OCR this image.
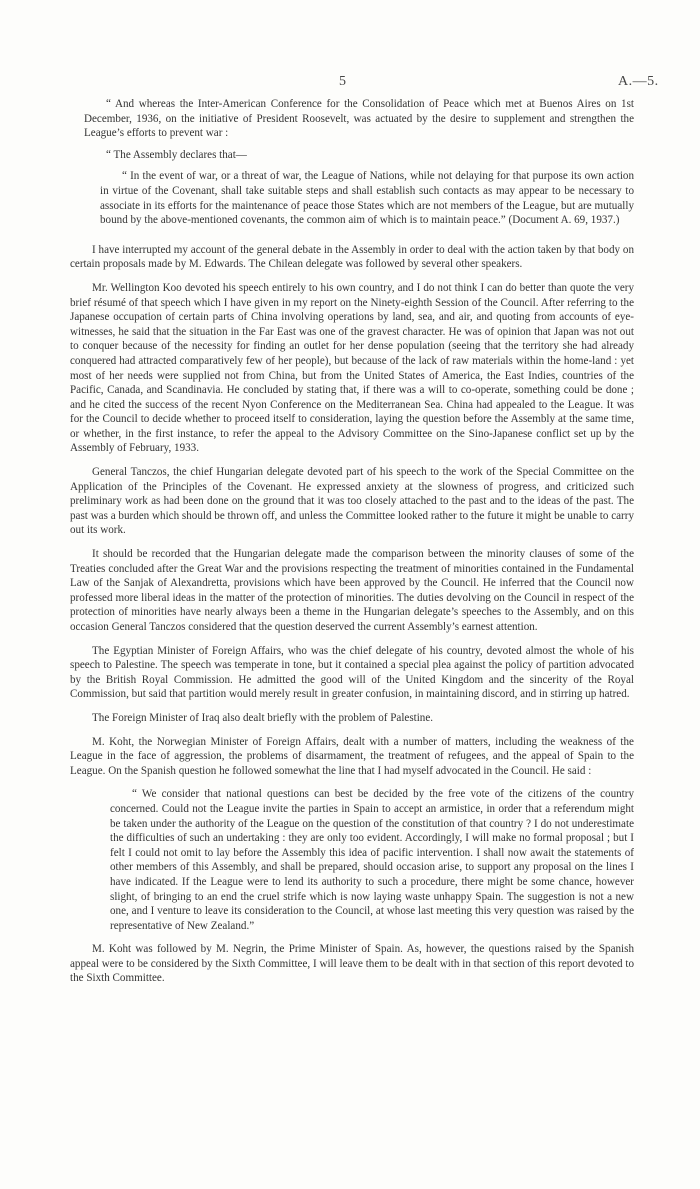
5	A.—5.

“ And whereas the Inter-American Conference for the Consolidation of Peace which met at Buenos Aires on 1st December, 1936, on the initiative of President Roosevelt, was actuated by the desire to supplement and strengthen the League’s efforts to prevent war :

“ The Assembly declares that—

“ In the event of war, or a threat of war, the League of Nations, while not delaying for that purpose its own action in virtue of the Covenant, shall take suitable steps and shall establish such contacts as may appear to be necessary to associate in its efforts for the maintenance of peace those States which are not members of the League, but are mutually bound by the above-mentioned covenants, the common aim of which is to maintain peace.” (Document A. 69, 1937.)

I have interrupted my account of the general debate in the Assembly in order to deal with the action taken by that body on certain proposals made by M. Edwards. The Chilean delegate was followed by several other speakers.

Mr. Wellington Koo devoted his speech entirely to his own country, and I do not think I can do better than quote the very brief résumé of that speech which I have given in my report on the Ninety-eighth Session of the Council. After referring to the Japanese occupation of certain parts of China involving operations by land, sea, and air, and quoting from accounts of eye-witnesses, he said that the situation in the Far East was one of the gravest character. He was of opinion that Japan was not out to conquer because of the necessity for finding an outlet for her dense population (seeing that the territory she had already conquered had attracted comparatively few of her people), but because of the lack of raw materials within the home-land : yet most of her needs were supplied not from China, but from the United States of America, the East Indies, countries of the Pacific, Canada, and Scandinavia. He concluded by stating that, if there was a will to co-operate, something could be done ; and he cited the success of the recent Nyon Conference on the Mediterranean Sea. China had appealed to the League. It was for the Council to decide whether to proceed itself to consideration, laying the question before the Assembly at the same time, or whether, in the first instance, to refer the appeal to the Advisory Committee on the Sino-Japanese conflict set up by the Assembly of February, 1933.

General Tanczos, the chief Hungarian delegate devoted part of his speech to the work of the Special Committee on the Application of the Principles of the Covenant. He expressed anxiety at the slowness of progress, and criticized such preliminary work as had been done on the ground that it was too closely attached to the past and to the ideas of the past. The past was a burden which should be thrown off, and unless the Committee looked rather to the future it might be unable to carry out its work.

It should be recorded that the Hungarian delegate made the comparison between the minority clauses of some of the Treaties concluded after the Great War and the provisions respecting the treatment of minorities contained in the Fundamental Law of the Sanjak of Alexandretta, provisions which have been approved by the Council. He inferred that the Council now professed more liberal ideas in the matter of the protection of minorities. The duties devolving on the Council in respect of the protection of minorities have nearly always been a theme in the Hungarian delegate’s speeches to the Assembly, and on this occasion General Tanczos considered that the question deserved the current Assembly’s earnest attention.

The Egyptian Minister of Foreign Affairs, who was the chief delegate of his country, devoted almost the whole of his speech to Palestine. The speech was temperate in tone, but it contained a special plea against the policy of partition advocated by the British Royal Commission. He admitted the good will of the United Kingdom and the sincerity of the Royal Commission, but said that partition would merely result in greater confusion, in maintaining discord, and in stirring up hatred.

The Foreign Minister of Iraq also dealt briefly with the problem of Palestine.

M. Koht, the Norwegian Minister of Foreign Affairs, dealt with a number of matters, including the weakness of the League in the face of aggression, the problems of disarmament, the treatment of refugees, and the appeal of Spain to the League. On the Spanish question he followed somewhat the line that I had myself advocated in the Council. He said :

“ We consider that national questions can best be decided by the free vote of the citizens of the country concerned. Could not the League invite the parties in Spain to accept an armistice, in order that a referendum might be taken under the authority of the League on the question of the constitution of that country ? I do not underestimate the difficulties of such an undertaking : they are only too evident. Accordingly, I will make no formal proposal ; but I felt I could not omit to lay before the Assembly this idea of pacific intervention. I shall now await the statements of other members of this Assembly, and shall be prepared, should occasion arise, to support any proposal on the lines I have indicated. If the League were to lend its authority to such a procedure, there might be some chance, however slight, of bringing to an end the cruel strife which is now laying waste unhappy Spain. The suggestion is not a new one, and I venture to leave its consideration to the Council, at whose last meeting this very question was raised by the representative of New Zealand.”

M. Koht was followed by M. Negrin, the Prime Minister of Spain. As, however, the questions raised by the Spanish appeal were to be considered by the Sixth Committee, I will leave them to be dealt with in that section of this report devoted to the Sixth Committee.
